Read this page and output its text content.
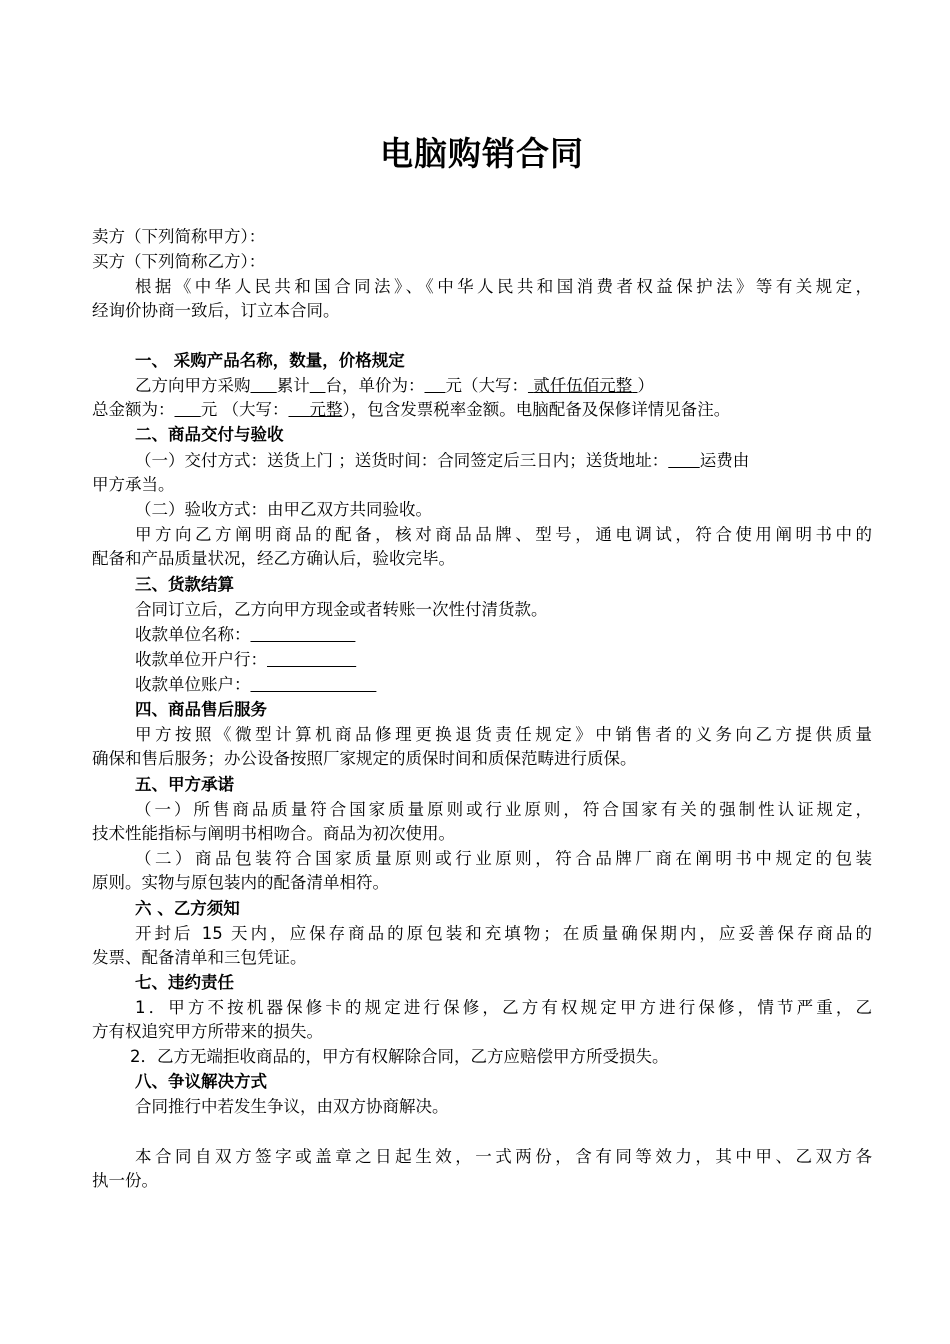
电脑购销合同
卖方（下列简称甲方）：
买方（下列简称乙方）：
根据《中华人民共和国合同法》、《中华人民共和国消费者权益保护法》等有关规定，
经询价协商一致后，订立本合同。
一、 采购产品名称，数量，价格规定
乙方向甲方采购 累计 台，单价为： 元（大写： 贰仟伍佰元整 ）
总金额为： 元 （大写： 元整），包含发票税率金额。电脑配备及保修详情见备注。
二、商品交付与验收
（一）交付方式：送货上门 ；送货时间：合同签定后三日内；送货地址： 运费由
甲方承当。
（二）验收方式：由甲乙双方共同验收。
甲方向乙方阐明商品的配备，核对商品品牌、型号，通电调试，符合使用阐明书中的
配备和产品质量状况，经乙方确认后，验收完毕。
三、货款结算
合同订立后，乙方向甲方现金或者转账一次性付清货款。
收款单位名称：
收款单位开户行：
收款单位账户：
四、商品售后服务
甲方按照《微型计算机商品修理更换退货责任规定》中销售者的义务向乙方提供质量
确保和售后服务；办公设备按照厂家规定的质保时间和质保范畴进行质保。
五、甲方承诺
（一）所售商品质量符合国家质量原则或行业原则，符合国家有关的强制性认证规定，
技术性能指标与阐明书相吻合。商品为初次使用。
（二）商品包装符合国家质量原则或行业原则，符合品牌厂商在阐明书中规定的包装
原则。实物与原包装内的配备清单相符。
六 、乙方须知
开封后 15 天内，应保存商品的原包装和充填物；在质量确保期内，应妥善保存商品的
发票、配备清单和三包凭证。
七、违约责任
1．甲方不按机器保修卡的规定进行保修，乙方有权规定甲方进行保修，情节严重，乙
方有权追究甲方所带来的损失。
2．乙方无端拒收商品的，甲方有权解除合同，乙方应赔偿甲方所受损失。
八、争议解决方式
合同推行中若发生争议，由双方协商解决。
本合同自双方签字或盖章之日起生效，一式两份，含有同等效力，其中甲、乙双方各
执一份。
